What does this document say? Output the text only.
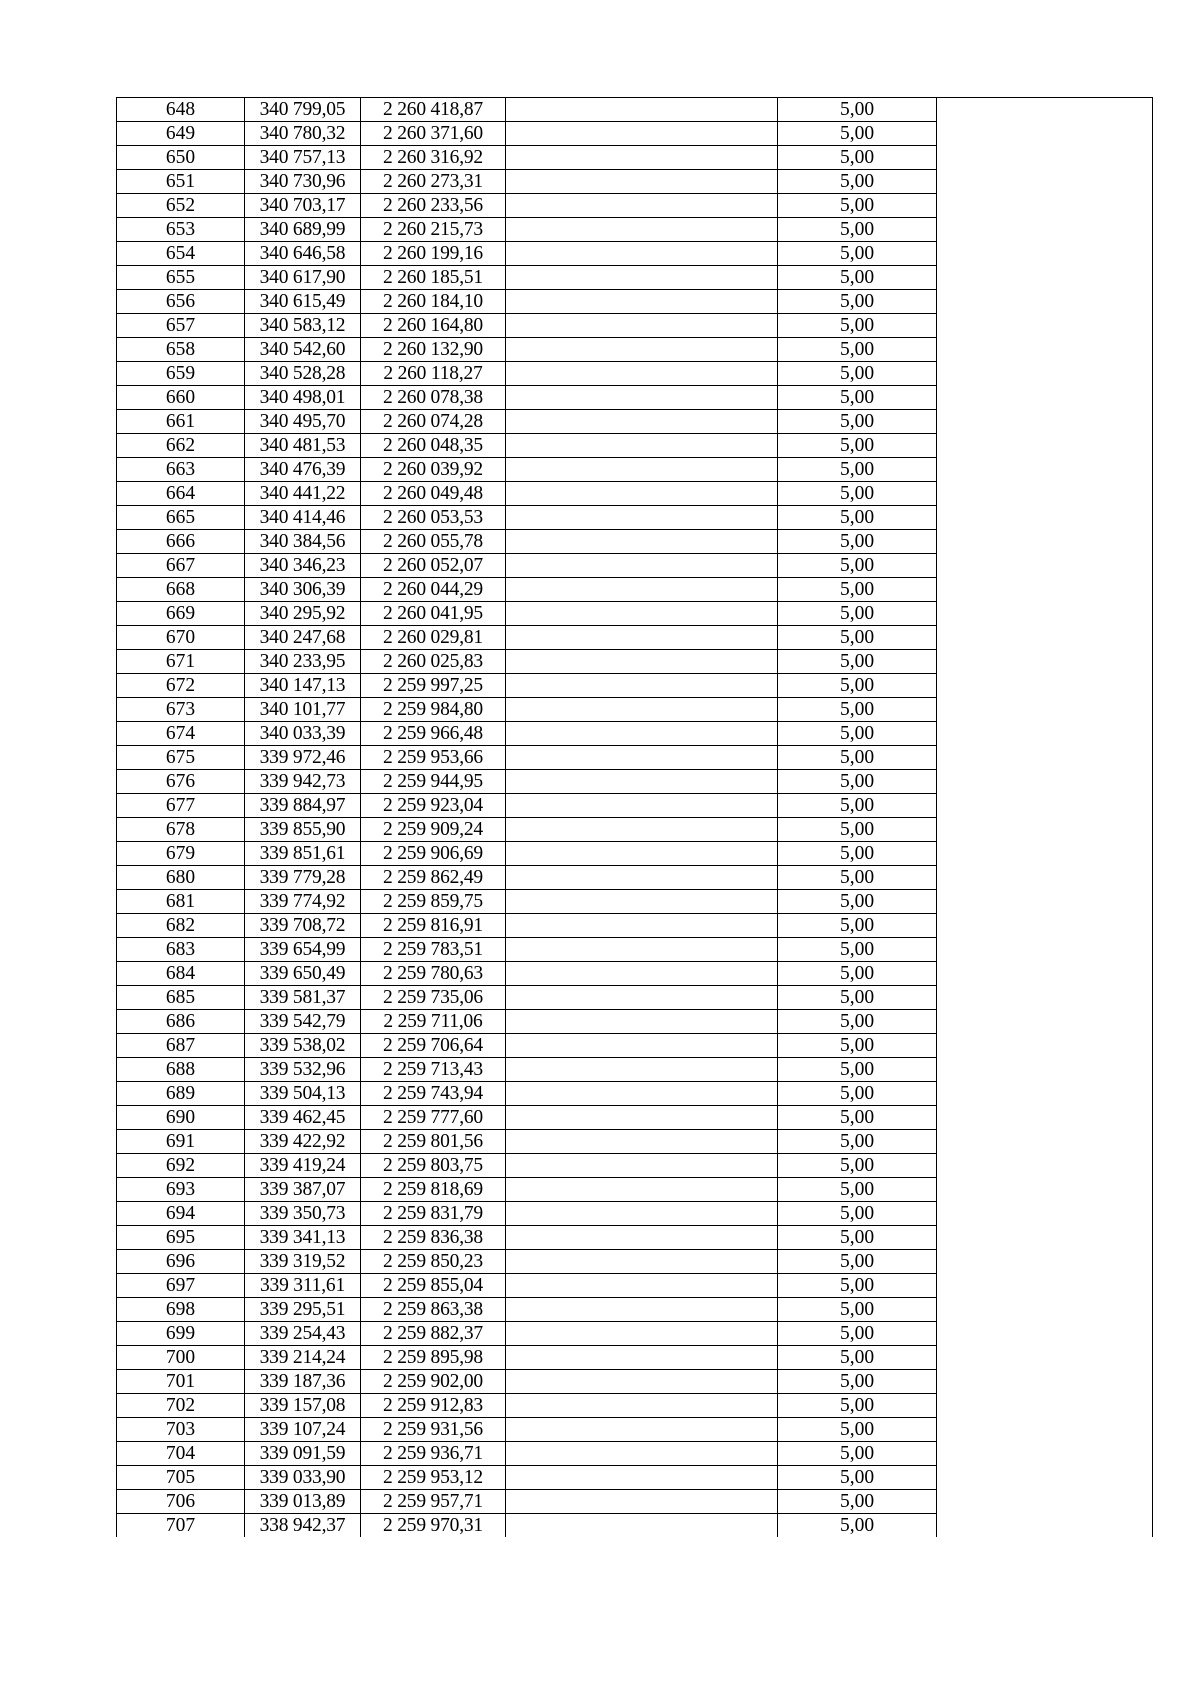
648	340 799,05	2 260 418,87		5,00	
649	340 780,32	2 260 371,60		5,00	
650	340 757,13	2 260 316,92		5,00	
651	340 730,96	2 260 273,31		5,00	
652	340 703,17	2 260 233,56		5,00	
653	340 689,99	2 260 215,73		5,00	
654	340 646,58	2 260 199,16		5,00	
655	340 617,90	2 260 185,51		5,00	
656	340 615,49	2 260 184,10		5,00	
657	340 583,12	2 260 164,80		5,00	
658	340 542,60	2 260 132,90		5,00	
659	340 528,28	2 260 118,27		5,00	
660	340 498,01	2 260 078,38		5,00	
661	340 495,70	2 260 074,28		5,00	
662	340 481,53	2 260 048,35		5,00	
663	340 476,39	2 260 039,92		5,00	
664	340 441,22	2 260 049,48		5,00	
665	340 414,46	2 260 053,53		5,00	
666	340 384,56	2 260 055,78		5,00	
667	340 346,23	2 260 052,07		5,00	
668	340 306,39	2 260 044,29		5,00	
669	340 295,92	2 260 041,95		5,00	
670	340 247,68	2 260 029,81		5,00	
671	340 233,95	2 260 025,83		5,00	
672	340 147,13	2 259 997,25		5,00	
673	340 101,77	2 259 984,80		5,00	
674	340 033,39	2 259 966,48		5,00	
675	339 972,46	2 259 953,66		5,00	
676	339 942,73	2 259 944,95		5,00	
677	339 884,97	2 259 923,04		5,00	
678	339 855,90	2 259 909,24		5,00	
679	339 851,61	2 259 906,69		5,00	
680	339 779,28	2 259 862,49		5,00	
681	339 774,92	2 259 859,75		5,00	
682	339 708,72	2 259 816,91		5,00	
683	339 654,99	2 259 783,51		5,00	
684	339 650,49	2 259 780,63		5,00	
685	339 581,37	2 259 735,06		5,00	
686	339 542,79	2 259 711,06		5,00	
687	339 538,02	2 259 706,64		5,00	
688	339 532,96	2 259 713,43		5,00	
689	339 504,13	2 259 743,94		5,00	
690	339 462,45	2 259 777,60		5,00	
691	339 422,92	2 259 801,56		5,00	
692	339 419,24	2 259 803,75		5,00	
693	339 387,07	2 259 818,69		5,00	
694	339 350,73	2 259 831,79		5,00	
695	339 341,13	2 259 836,38		5,00	
696	339 319,52	2 259 850,23		5,00	
697	339 311,61	2 259 855,04		5,00	
698	339 295,51	2 259 863,38		5,00	
699	339 254,43	2 259 882,37		5,00	
700	339 214,24	2 259 895,98		5,00	
701	339 187,36	2 259 902,00		5,00	
702	339 157,08	2 259 912,83		5,00	
703	339 107,24	2 259 931,56		5,00	
704	339 091,59	2 259 936,71		5,00	
705	339 033,90	2 259 953,12		5,00	
706	339 013,89	2 259 957,71		5,00	
707	338 942,37	2 259 970,31		5,00	
